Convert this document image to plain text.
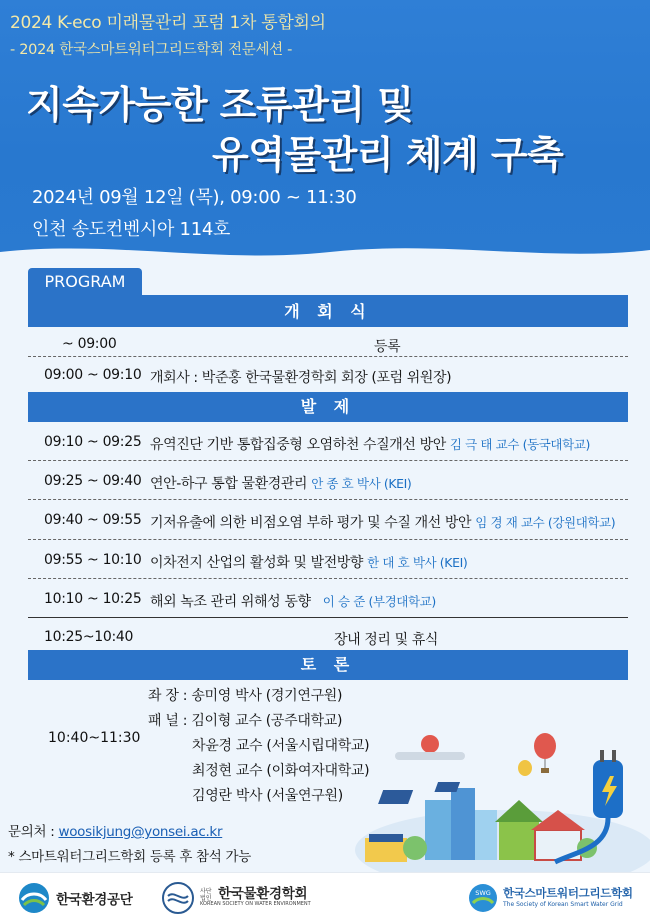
2024 K-eco 미래물관리 포럼 1차 통합회의
- 2024 한국스마트워터그리드학회 전문세션 -
지속가능한 조류관리 및
유역물관리 체계 구축
2024년 09월 12일 (목), 09:00 ~ 11:30
인천 송도컨벤시아 114호
PROGRAM
개 회 식
~ 09:00	등록
09:00 ~ 09:10 개회사 : 박준홍 한국물환경학회 회장 (포럼 위원장)
발 제
09:10 ~ 09:25 유역진단 기반 통합집중형 오염하천 수질개선 방안 김 극 태 교수 (동국대학교)
09:25 ~ 09:40 연안-하구 통합 물환경관리 안 종 호 박사 (KEI)
09:40 ~ 09:55 기저유출에 의한 비점오염 부하 평가 및 수질 개선 방안 임 경 재 교수 (강원대학교)
09:55 ~ 10:10 이차전지 산업의 활성화 및 발전방향 한 대 호 박사 (KEI)
10:10 ~ 10:25 해외 녹조 관리 위해성 동향 이 승 준 (부경대학교)
10:25~10:40	장내 정리 및 휴식
토 론
10:40~11:30
좌 장 : 송미영 박사 (경기연구원)
패 널 : 김이형 교수 (공주대학교)
차윤경 교수 (서울시립대학교)
최정현 교수 (이화여자대학교)
김영란 박사 (서울연구원)
문의처 : woosikjung@yonsei.ac.kr
* 스마트워터그리드학회 등록 후 참석 가능
한국환경공단
사단법인 한국물환경학회
KOREAN SOCIETY ON WATER ENVIRONMENT
SWG 한국스마트워터그리드학회
The Society of Korean Smart Water Grid
